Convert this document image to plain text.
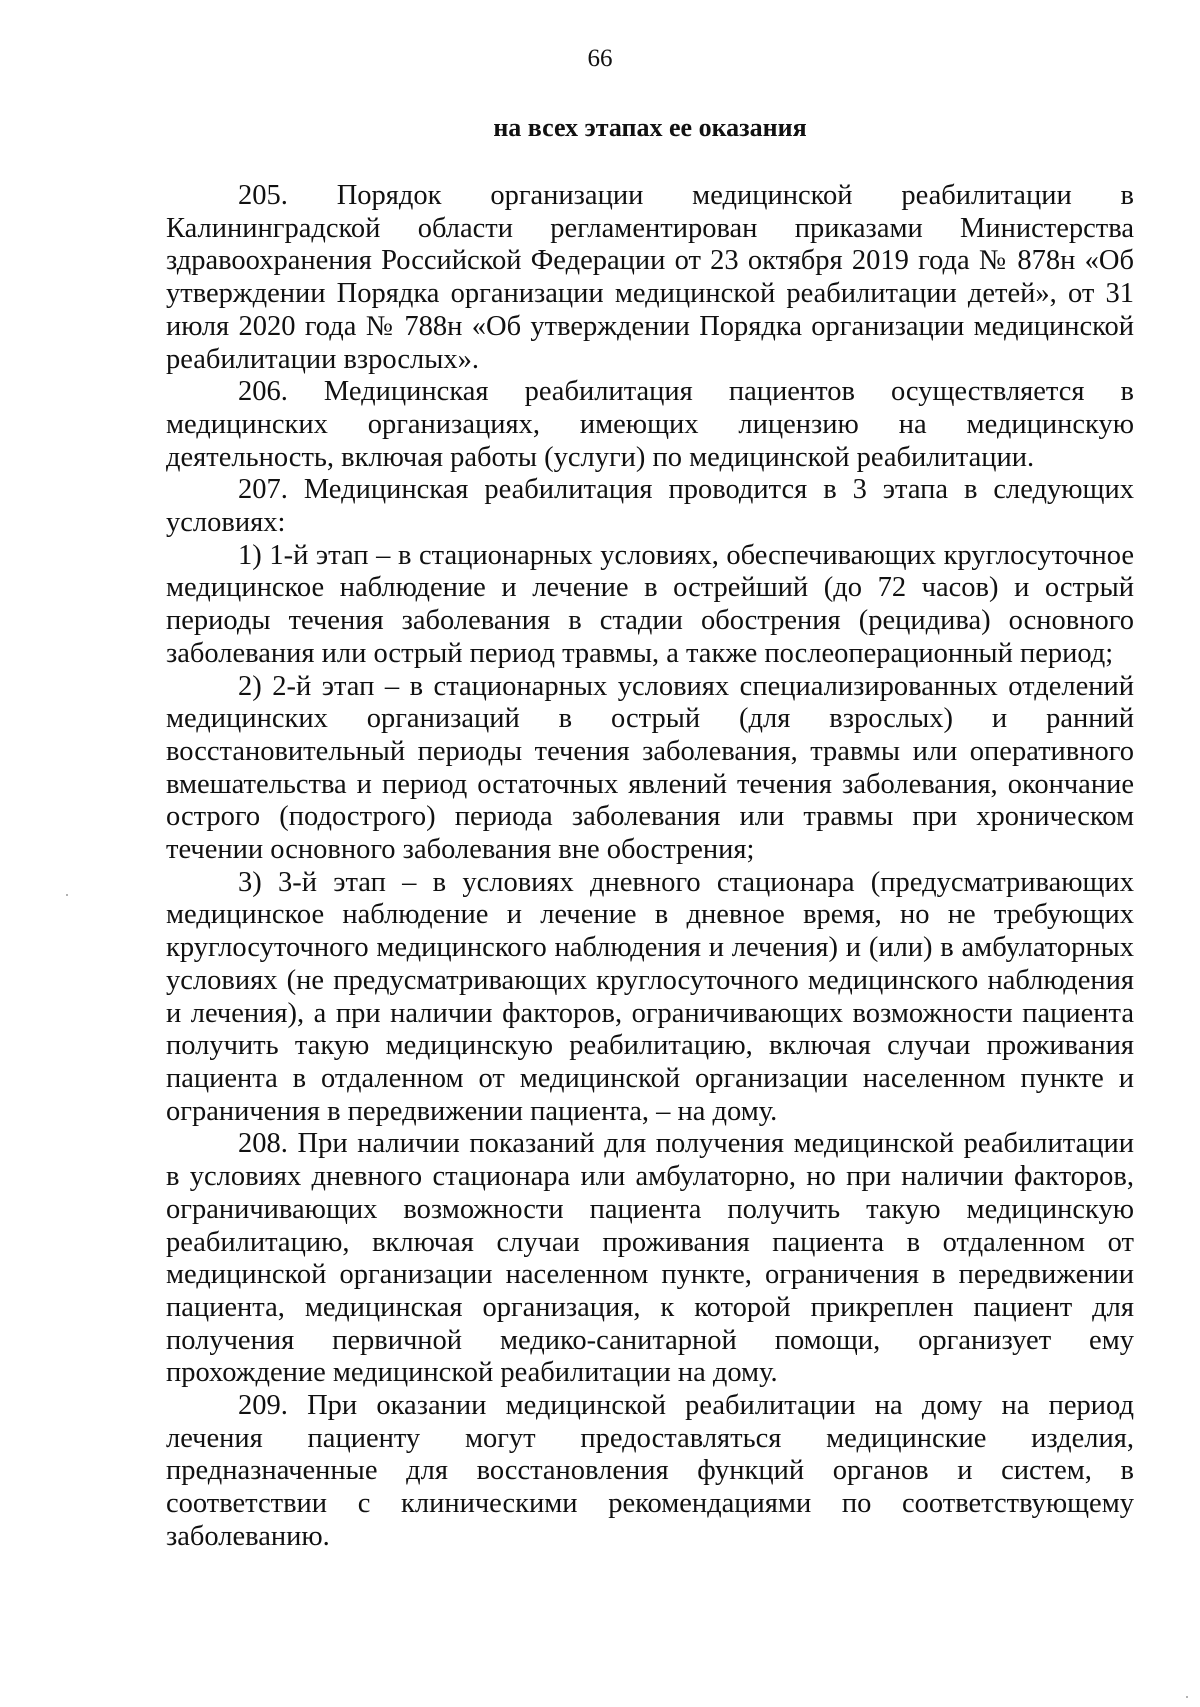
66
на всех этапах ее оказания

205. Порядок организации медицинской реабилитации в Калининградской области регламентирован приказами Министерства здравоохранения Российской Федерации от 23 октября 2019 года № 878н «Об утверждении Порядка организации медицинской реабилитации детей», от 31 июля 2020 года № 788н «Об утверждении Порядка организации медицинской реабилитации взрослых».

206. Медицинская реабилитация пациентов осуществляется в медицинских организациях, имеющих лицензию на медицинскую деятельность, включая работы (услуги) по медицинской реабилитации.

207. Медицинская реабилитация проводится в 3 этапа в следующих условиях:

1) 1-й этап – в стационарных условиях, обеспечивающих круглосуточное медицинское наблюдение и лечение в острейший (до 72 часов) и острый периоды течения заболевания в стадии обострения (рецидива) основного заболевания или острый период травмы, а также послеоперационный период;

2) 2-й этап – в стационарных условиях специализированных отделений медицинских организаций в острый (для взрослых) и ранний восстановительный периоды течения заболевания, травмы или оперативного вмешательства и период остаточных явлений течения заболевания, окончание острого (подострого) периода заболевания или травмы при хроническом течении основного заболевания вне обострения;

3) 3-й этап – в условиях дневного стационара (предусматривающих медицинское наблюдение и лечение в дневное время, но не требующих круглосуточного медицинского наблюдения и лечения) и (или) в амбулаторных условиях (не предусматривающих круглосуточного медицинского наблюдения и лечения), а при наличии факторов, ограничивающих возможности пациента получить такую медицинскую реабилитацию, включая случаи проживания пациента в отдаленном от медицинской организации населенном пункте и ограничения в передвижении пациента, – на дому.

208. При наличии показаний для получения медицинской реабилитации в условиях дневного стационара или амбулаторно, но при наличии факторов, ограничивающих возможности пациента получить такую медицинскую реабилитацию, включая случаи проживания пациента в отдаленном от медицинской организации населенном пункте, ограничения в передвижении пациента, медицинская организация, к которой прикреплен пациент для получения первичной медико-санитарной помощи, организует ему прохождение медицинской реабилитации на дому.

209. При оказании медицинской реабилитации на дому на период лечения пациенту могут предоставляться медицинские изделия, предназначенные для восстановления функций органов и систем, в соответствии с клиническими рекомендациями по соответствующему заболеванию.
